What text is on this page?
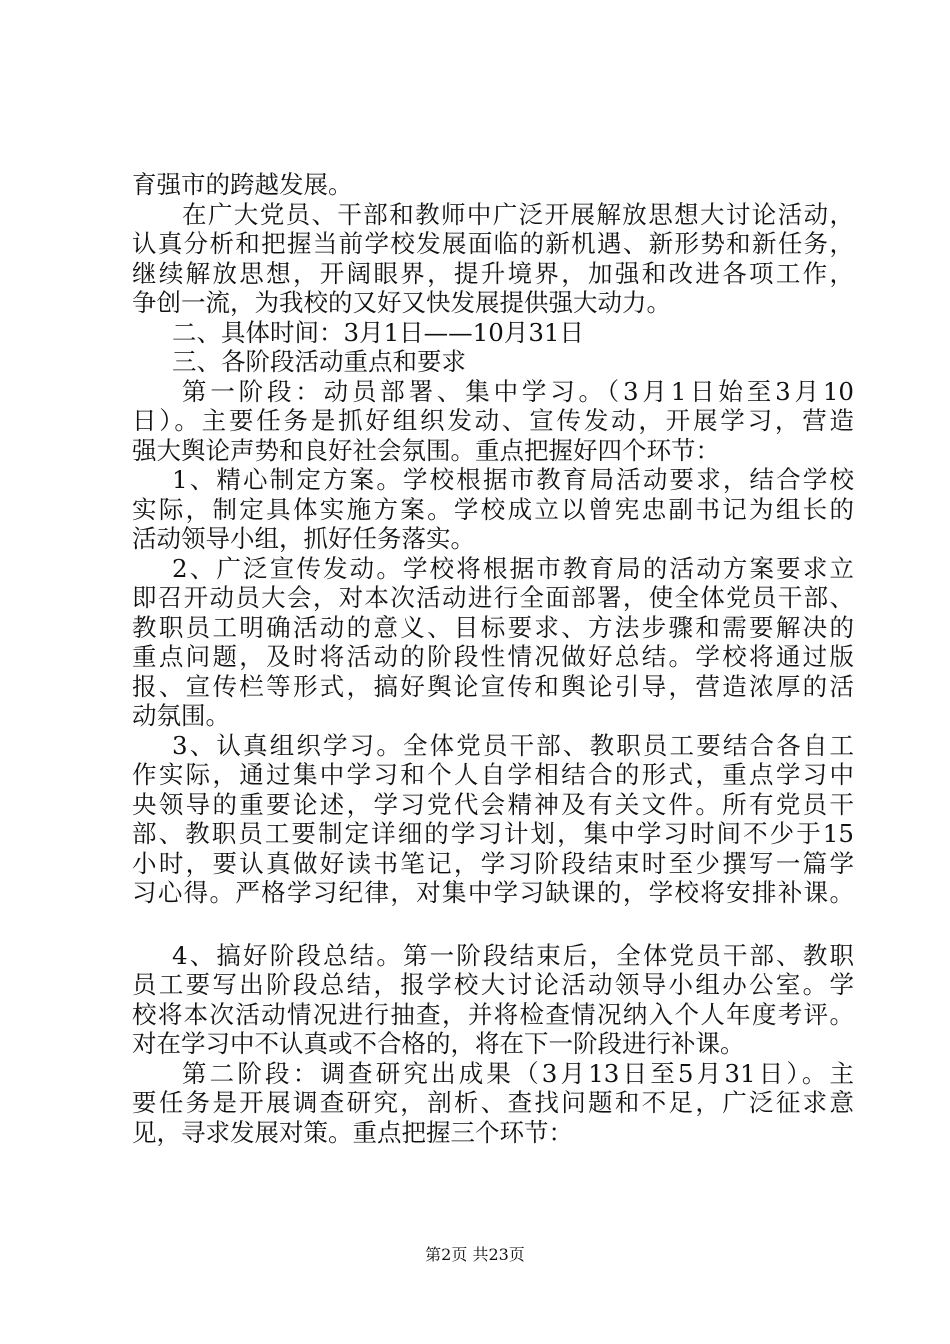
育强市的跨越发展。
在广大党员、干部和教师中广泛开展解放思想大讨论活动，
认真分析和把握当前学校发展面临的新机遇、新形势和新任务，
继续解放思想，开阔眼界，提升境界，加强和改进各项工作，
争创一流，为我校的又好又快发展提供强大动力。
二、具体时间：3月1日——10月31日
三、各阶段活动重点和要求
第一阶段：动员部署、集中学习。（3月1日始至3月10
日）。主要任务是抓好组织发动、宣传发动，开展学习，营造
强大舆论声势和良好社会氛围。重点把握好四个环节：
1、精心制定方案。学校根据市教育局活动要求，结合学校
实际，制定具体实施方案。学校成立以曾宪忠副书记为组长的
活动领导小组，抓好任务落实。
2、广泛宣传发动。学校将根据市教育局的活动方案要求立
即召开动员大会，对本次活动进行全面部署，使全体党员干部、
教职员工明确活动的意义、目标要求、方法步骤和需要解决的
重点问题，及时将活动的阶段性情况做好总结。学校将通过版
报、宣传栏等形式，搞好舆论宣传和舆论引导，营造浓厚的活
动氛围。
3、认真组织学习。全体党员干部、教职员工要结合各自工
作实际，通过集中学习和个人自学相结合的形式，重点学习中
央领导的重要论述，学习党代会精神及有关文件。所有党员干
部、教职员工要制定详细的学习计划，集中学习时间不少于15
小时，要认真做好读书笔记，学习阶段结束时至少撰写一篇学
习心得。严格学习纪律，对集中学习缺课的，学校将安排补课。
4、搞好阶段总结。第一阶段结束后，全体党员干部、教职
员工要写出阶段总结，报学校大讨论活动领导小组办公室。学
校将本次活动情况进行抽查，并将检查情况纳入个人年度考评。
对在学习中不认真或不合格的，将在下一阶段进行补课。
第二阶段：调查研究出成果（3月13日至5月31日）。主
要任务是开展调查研究，剖析、查找问题和不足，广泛征求意
见，寻求发展对策。重点把握三个环节：
第2页 共23页
